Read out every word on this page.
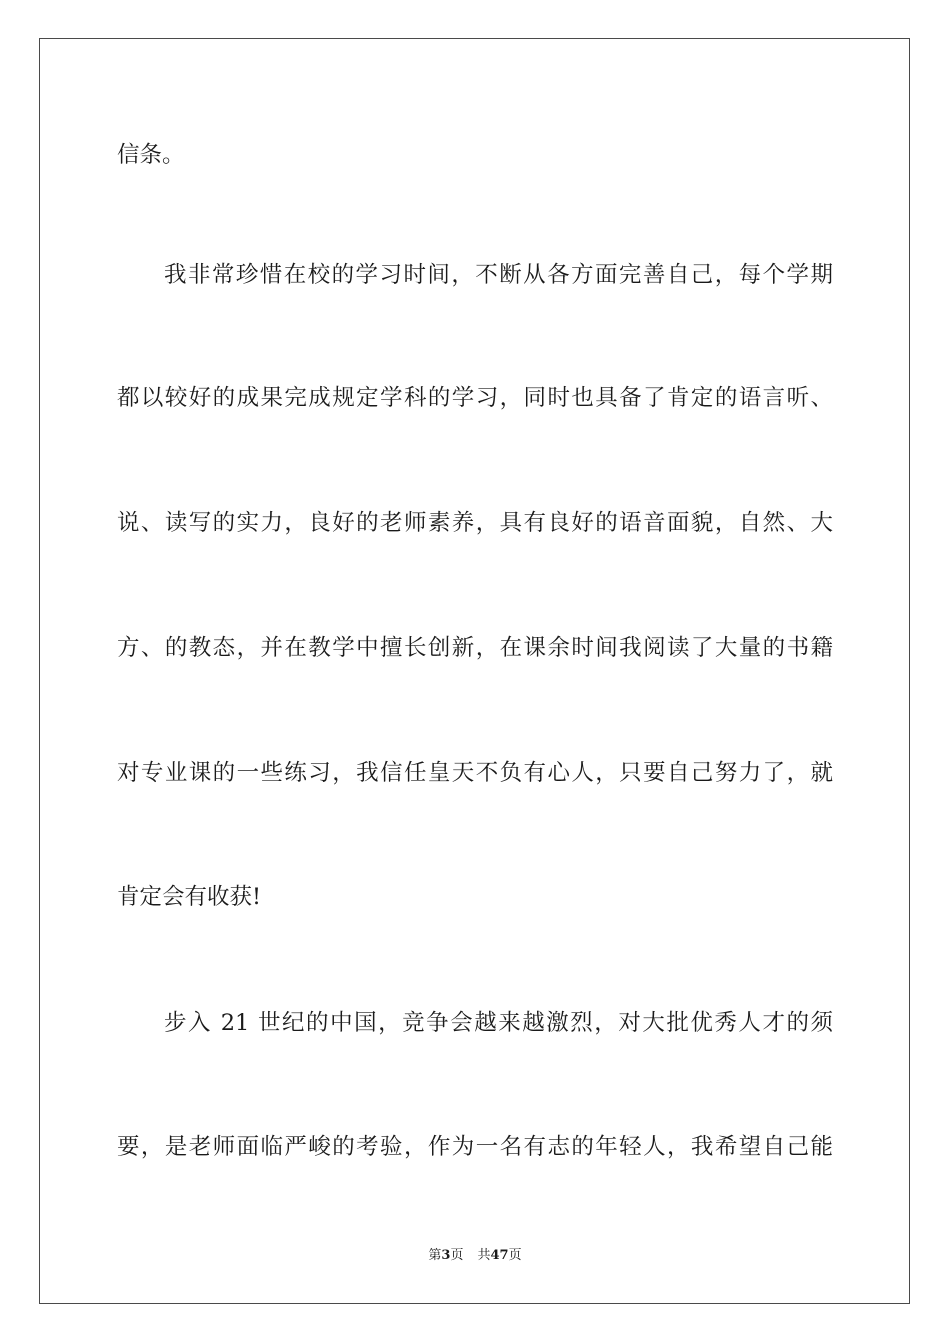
信条。
我非常珍惜在校的学习时间，不断从各方面完善自己，每个学期
都以较好的成果完成规定学科的学习，同时也具备了肯定的语言听、
说、读写的实力，良好的老师素养，具有良好的语音面貌，自然、大
方、的教态，并在教学中擅长创新，在课余时间我阅读了大量的书籍
对专业课的一些练习，我信任皇天不负有心人，只要自己努力了，就
肯定会有收获!
步入 21 世纪的中国，竞争会越来越激烈，对大批优秀人才的须
要，是老师面临严峻的考验，作为一名有志的年轻人，我希望自己能
第3页 共47页
